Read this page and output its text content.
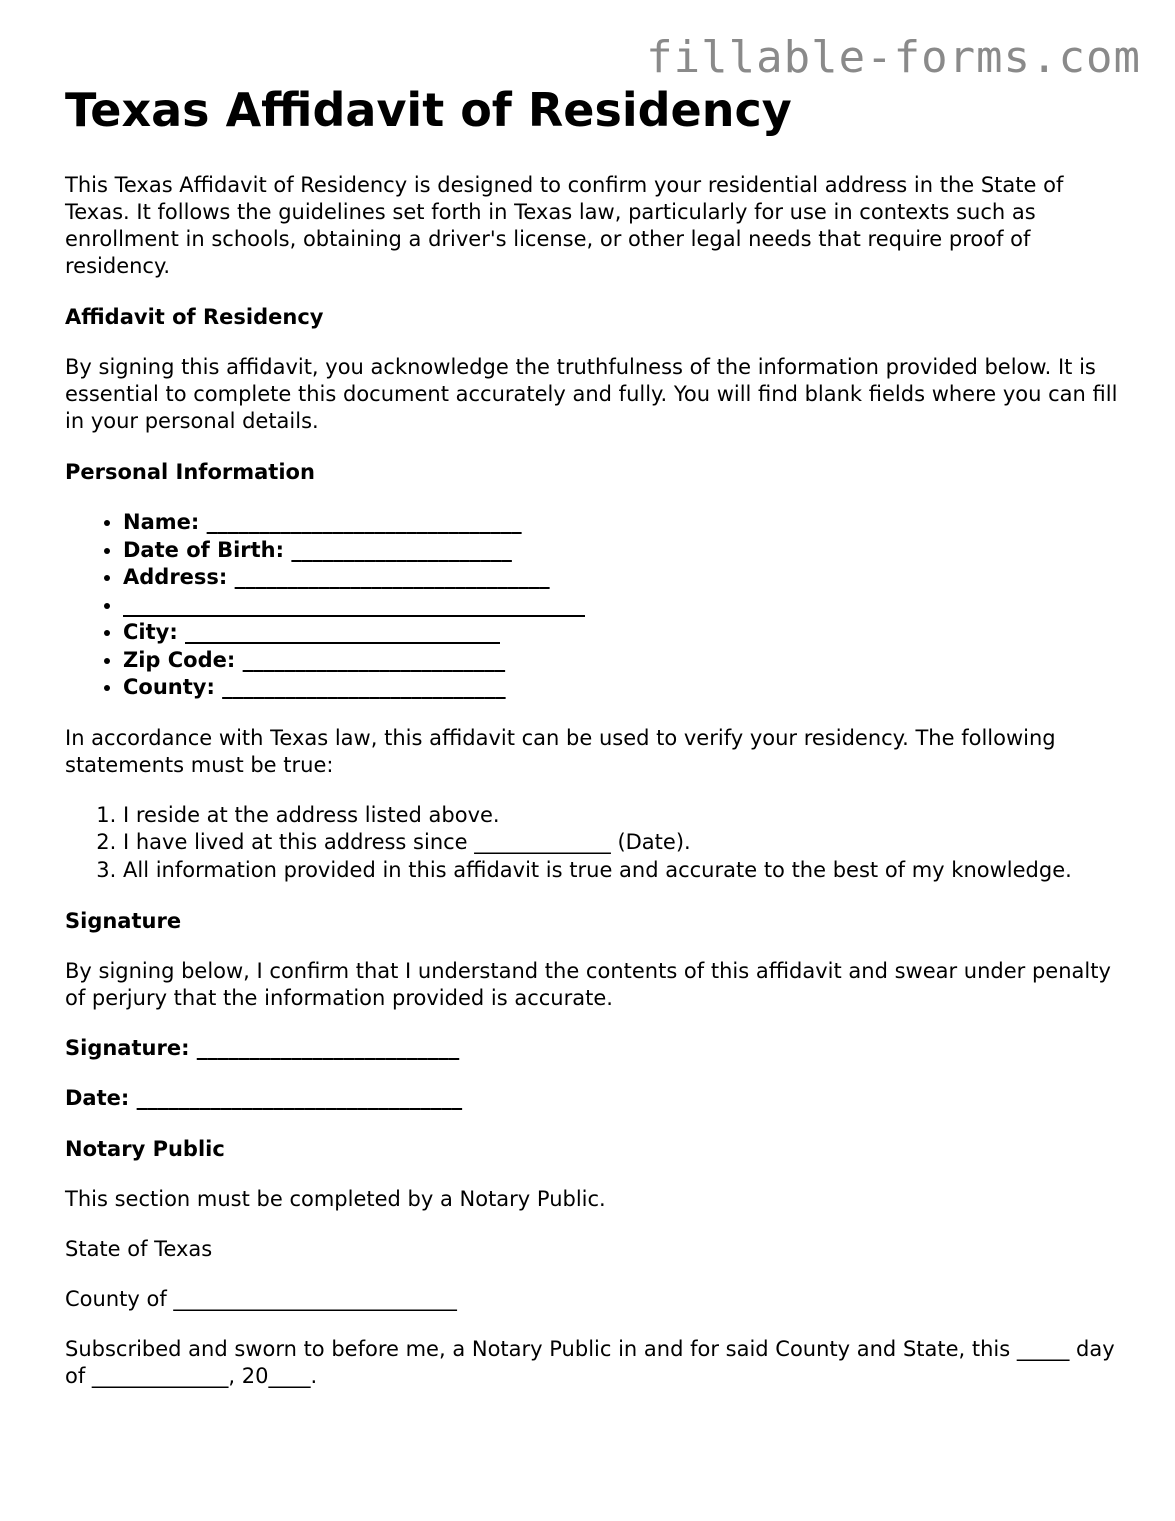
fillable-forms.com
Texas Affidavit of Residency

This Texas Affidavit of Residency is designed to confirm your residential address in the State of Texas. It follows the guidelines set forth in Texas law, particularly for use in contexts such as enrollment in schools, obtaining a driver's license, or other legal needs that require proof of residency.

Affidavit of Residency

By signing this affidavit, you acknowledge the truthfulness of the information provided below. It is essential to complete this document accurately and fully. You will find blank fields where you can fill in your personal details.

Personal Information

• Name: ______________________________
• Date of Birth: _____________________
• Address: ______________________________
• ____________________________________________
• City: ______________________________
• Zip Code: _________________________
• County: ___________________________

In accordance with Texas law, this affidavit can be used to verify your residency. The following statements must be true:

1. I reside at the address listed above.
2. I have lived at this address since _____________ (Date).
3. All information provided in this affidavit is true and accurate to the best of my knowledge.

Signature

By signing below, I confirm that I understand the contents of this affidavit and swear under penalty of perjury that the information provided is accurate.

Signature: _________________________

Date: _______________________________

Notary Public

This section must be completed by a Notary Public.

State of Texas

County of ___________________________

Subscribed and sworn to before me, a Notary Public in and for said County and State, this _____ day of _____________, 20____.
